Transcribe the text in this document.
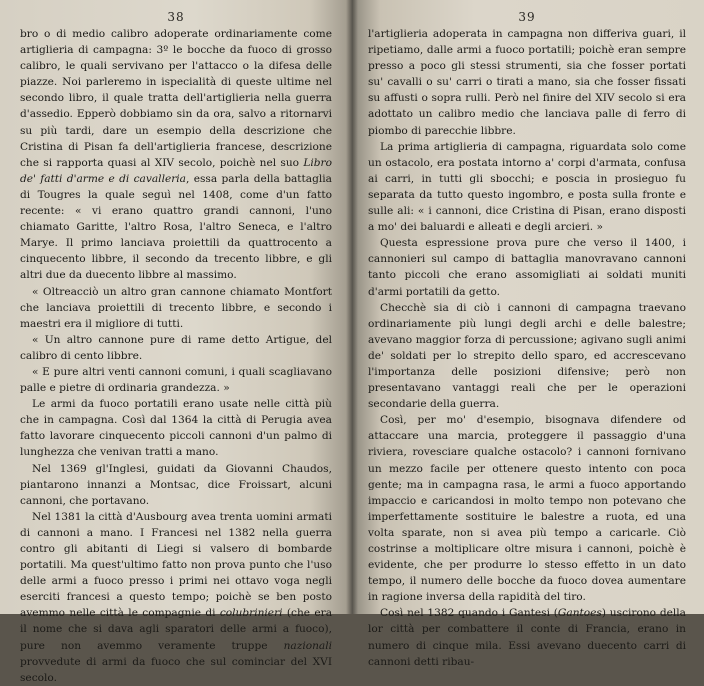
38

bro o di medio calibro adoperate ordinariamente come artiglieria di campagna: 3º le bocche da fuoco di grosso calibro, le quali servivano per l'attacco o la difesa delle piazze. Noi parleremo in ispecialità di queste ultime nel secondo libro, il quale tratta dell'artiglieria nella guerra d'assedio. Epperò dobbiamo sin da ora, salvo a ritornarvi su più tardi, dare un esempio della descrizione che Cristina di Pisan fa dell'artiglieria francese, descrizione che si rapporta quasi al XIV secolo, poichè nel suo Libro de' fatti d'arme e di cavalleria, essa parla della battaglia di Tougres la quale seguì nel 1408, come d'un fatto recente: « vi erano quattro grandi cannoni, l'uno chiamato Garitte, l'altro Rosa, l'altro Seneca, e l'altro Marye. Il primo lanciava proiettili da quattrocento a cinquecento libbre, il secondo da trecento libbre, e gli altri due da duecento libbre al massimo.

« Oltreacciò un altro gran cannone chiamato Montfort che lanciava proiettili di trecento libbre, e secondo i maestri era il migliore di tutti.

« Un altro cannone pure di rame detto Artigue, del calibro di cento libbre.

« E pure altri venti cannoni comuni, i quali scagliavano palle e pietre di ordinaria grandezza. »

Le armi da fuoco portatili erano usate nelle città più che in campagna. Così dal 1364 la città di Perugia avea fatto lavorare cinquecento piccoli cannoni d'un palmo di lunghezza che venivan tratti a mano.

Nel 1369 gl'Inglesi, guidati da Giovanni Chaudos, piantarono innanzi a Montsac, dice Froissart, alcuni cannoni, che portavano.

Nel 1381 la città d'Ausbourg avea trenta uomini armati di cannoni a mano. I Francesi nel 1382 nella guerra contro gli abitanti di Liegi si valsero di bombarde portatili. Ma quest'ultimo fatto non prova punto che l'uso delle armi a fuoco presso i primi nei ottavo voga negli eserciti francesi a questo tempo; poichè se ben posto avemmo nelle città le compagnie di colubrinieri (che era il nome che si dava agli sparatori delle armi a fuoco), pure non avemmo veramente truppe nazionali provvedute di armi da fuoco che sul cominciar del XVI secolo.

39

l'artiglieria adoperata in campagna non differiva guari, il ripetiamo, dalle armi a fuoco portatili; poichè eran sempre presso a poco gli stessi strumenti, sia che fosser portati su' cavalli o su' carri o tirati a mano, sia che fosser fissati su affusti o sopra rulli. Però nel finire del XIV secolo si era adottato un calibro medio che lanciava palle di ferro di piombo di parecchie libbre.

La prima artiglieria di campagna, riguardata solo come un ostacolo, era postata intorno a' corpi d'armata, confusa ai carri, in tutti gli sbocchi; e poscia in prosieguo fu separata da tutto questo ingombro, e posta sulla fronte e sulle ali: « i cannoni, dice Cristina di Pisan, erano disposti a mo' dei baluardi e alleati e degli arcieri. »

Questa espressione prova pure che verso il 1400, i cannonieri sul campo di battaglia manovravano cannoni tanto piccoli che erano assomigliati ai soldati muniti d'armi portatili da getto.

Checchè sia di ciò i cannoni di campagna traevano ordinariamente più lungi degli archi e delle balestre; avevano maggior forza di percussione; agivano sugli animi de' soldati per lo strepito dello sparo, ed accrescevano l'importanza delle posizioni difensive; però non presentavano vantaggi reali che per le operazioni secondarie della guerra.

Così, per mo' d'esempio, bisognava difendere od attaccare una marcia, proteggere il passaggio d'una riviera, rovesciare qualche ostacolo? i cannoni fornivano un mezzo facile per ottenere questo intento con poca gente; ma in campagna rasa, le armi a fuoco apportando impaccio e caricandosi in molto tempo non potevano che imperfettamente sostituire le balestre a ruota, ed una volta sparate, non si avea più tempo a caricarle. Ciò costrinse a moltiplicare oltre misura i cannoni, poichè è evidente, che per produrre lo stesso effetto in un dato tempo, il numero delle bocche da fuoco dovea aumentare in ragione inversa della rapidità del tiro.

Così nel 1382 quando i Gantesi (Gantoes) uscirono della lor città per combattere il conte di Francia, erano in numero di cinque mila. Essi avevano duecento carri di cannoni detti ribau-
